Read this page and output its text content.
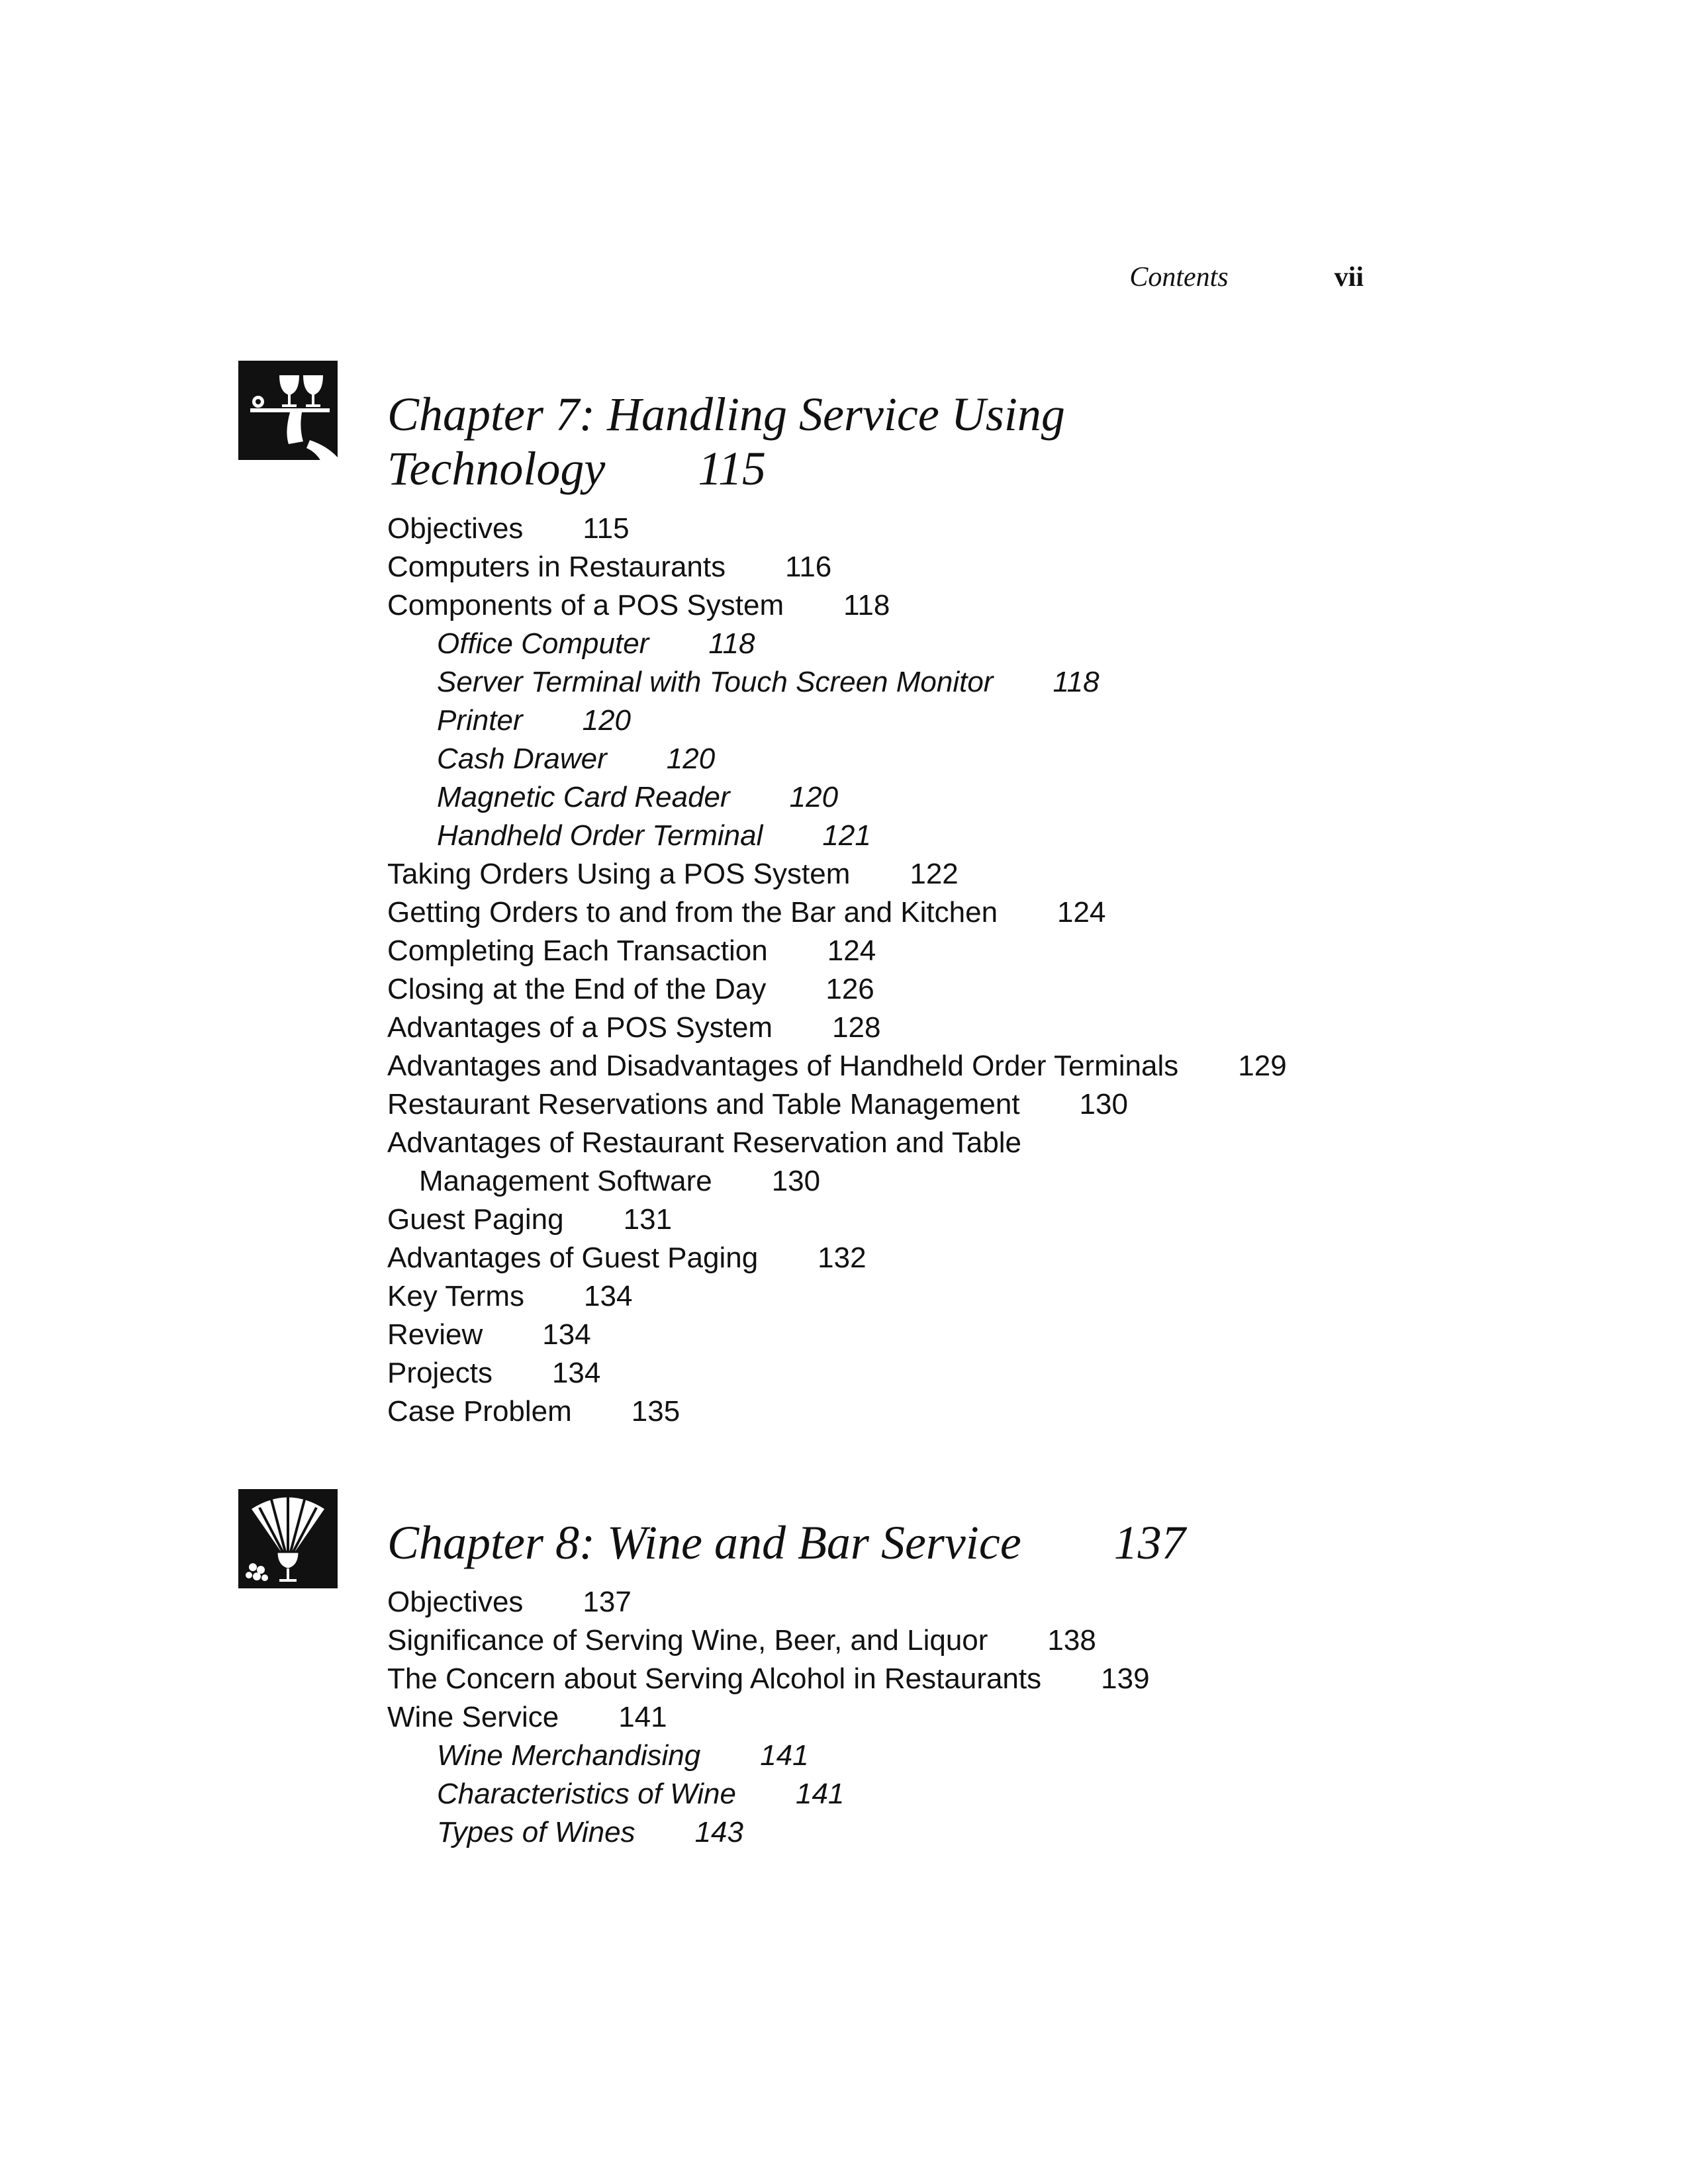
Contents	vii
Chapter 7: Handling Service Using
Technology 115
Objectives 115
Computers in Restaurants 116
Components of a POS System 118
Office Computer 118
Server Terminal with Touch Screen Monitor 118
Printer 120
Cash Drawer 120
Magnetic Card Reader 120
Handheld Order Terminal 121
Taking Orders Using a POS System 122
Getting Orders to and from the Bar and Kitchen 124
Completing Each Transaction 124
Closing at the End of the Day 126
Advantages of a POS System 128
Advantages and Disadvantages of Handheld Order Terminals 129
Restaurant Reservations and Table Management 130
Advantages of Restaurant Reservation and Table
Management Software 130
Guest Paging 131
Advantages of Guest Paging 132
Key Terms 134
Review 134
Projects 134
Case Problem 135
Chapter 8: Wine and Bar Service 137
Objectives 137
Significance of Serving Wine, Beer, and Liquor 138
The Concern about Serving Alcohol in Restaurants 139
Wine Service 141
Wine Merchandising 141
Characteristics of Wine 141
Types of Wines 143
